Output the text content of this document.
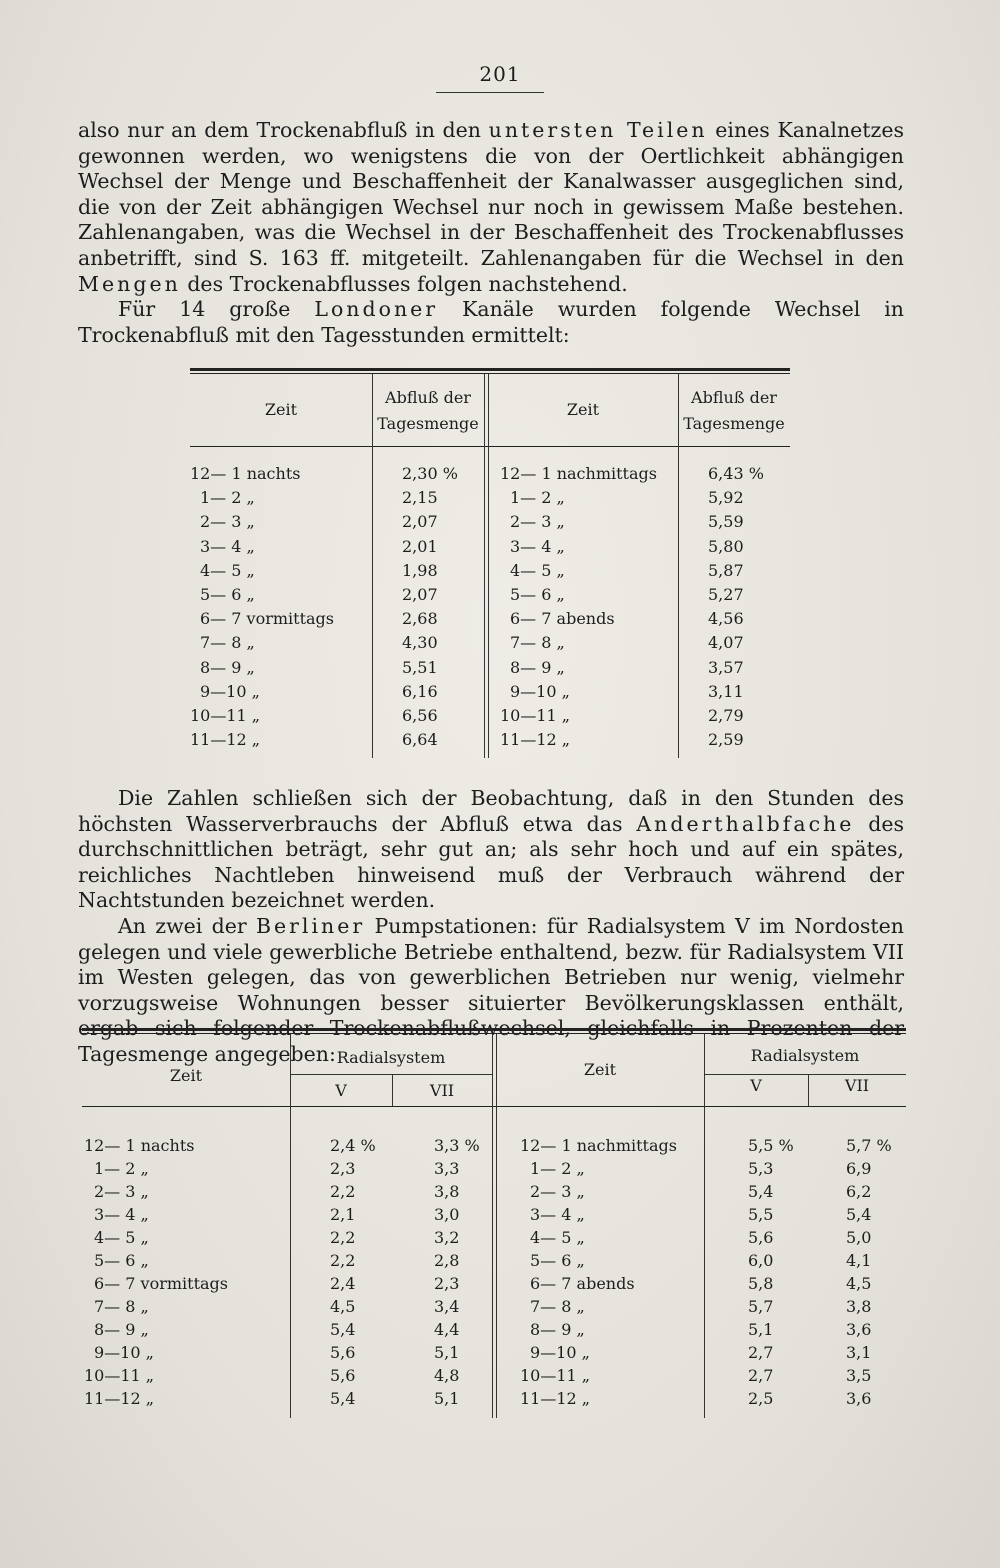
201

also nur an dem Trockenabfluß in den untersten Teilen eines Kanalnetzes gewonnen werden, wo wenigstens die von der Oertlichkeit abhängigen Wechsel der Menge und Beschaffenheit der Kanalwasser ausgeglichen sind, die von der Zeit abhängigen Wechsel nur noch in gewissem Maße bestehen. Zahlenangaben, was die Wechsel in der Beschaffenheit des Trockenabflusses anbetrifft, sind S. 163 ff. mitgeteilt. Zahlenangaben für die Wechsel in den Mengen des Trockenabflusses folgen nachstehend.

Für 14 große Londoner Kanäle wurden folgende Wechsel in Trockenabfluß mit den Tagesstunden ermittelt:

Zeit
Abfluß der
Tagesmenge
Zeit
Abfluß der
Tagesmenge
12— 1 nachts	2,30 %	12— 1 nachmittags	6,43 %
1— 2 „	2,15	1— 2 „	5,92
2— 3 „	2,07	2— 3 „	5,59
3— 4 „	2,01	3— 4 „	5,80
4— 5 „	1,98	4— 5 „	5,87
5— 6 „	2,07	5— 6 „	5,27
6— 7 vormittags	2,68	6— 7 abends	4,56
7— 8 „	4,30	7— 8 „	4,07
8— 9 „	5,51	8— 9 „	3,57
9—10 „	6,16	9—10 „	3,11
10—11 „	6,56	10—11 „	2,79
11—12 „	6,64	11—12 „	2,59

Die Zahlen schließen sich der Beobachtung, daß in den Stunden des höchsten Wasserverbrauchs der Abfluß etwa das Anderthalbfache des durchschnittlichen beträgt, sehr gut an; als sehr hoch und auf ein spätes, reichliches Nachtleben hinweisend muß der Verbrauch während der Nachtstunden bezeichnet werden.

An zwei der Berliner Pumpstationen: für Radialsystem V im Nordosten gelegen und viele gewerbliche Betriebe enthaltend, bezw. für Radialsystem VII im Westen gelegen, das von gewerblichen Betrieben nur wenig, vielmehr vorzugsweise Wohnungen besser situierter Bevölkerungsklassen enthält, ergab sich folgender Trockenabflußwechsel, gleichfalls in Prozenten der Tagesmenge angegeben:

Zeit
Radialsystem
V	VII
Zeit
Radialsystem
V	VII
12— 1 nachts	2,4 %	3,3 %	12— 1 nachmittags	5,5 %	5,7 %
1— 2 „	2,3	3,3	1— 2 „	5,3	6,9
2— 3 „	2,2	3,8	2— 3 „	5,4	6,2
3— 4 „	2,1	3,0	3— 4 „	5,5	5,4
4— 5 „	2,2	3,2	4— 5 „	5,6	5,0
5— 6 „	2,2	2,8	5— 6 „	6,0	4,1
6— 7 vormittags	2,4	2,3	6— 7 abends	5,8	4,5
7— 8 „	4,5	3,4	7— 8 „	5,7	3,8
8— 9 „	5,4	4,4	8— 9 „	5,1	3,6
9—10 „	5,6	5,1	9—10 „	2,7	3,1
10—11 „	5,6	4,8	10—11 „	2,7	3,5
11—12 „	5,4	5,1	11—12 „	2,5	3,6
